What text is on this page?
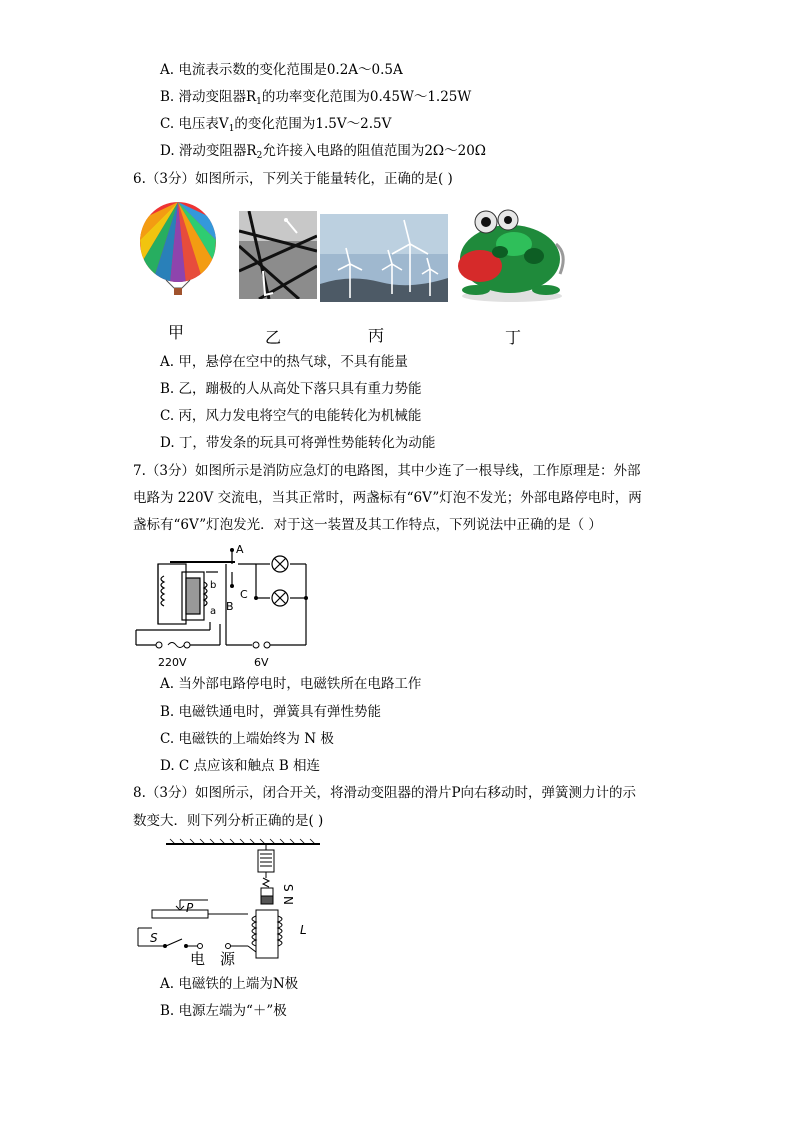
A. 电流表示数的变化范围是0.2A～0.5A
B. 滑动变阻器$R_1$的功率变化范围为0.45W～1.25W
C. 电压表$V_1$的变化范围为1.5V～2.5V
D. 滑动变阻器$R_2$允许接入电路的阻值范围为2Ω～20Ω
6.（3分）如图所示，下列关于能量转化，正确的是( )
甲	乙	丙	丁
A. 甲，悬停在空中的热气球，不具有能量
B. 乙，蹦极的人从高处下落只具有重力势能
C. 丙，风力发电将空气的电能转化为机械能
D. 丁，带发条的玩具可将弹性势能转化为动能
7.（3分）如图所示是消防应急灯的电路图，其中少连了一根导线，工作原理是：外部
电路为 220V 交流电，当其正常时，两盏标有“6V”灯泡不发光；外部电路停电时，两
盏标有“6V”灯泡发光．对于这一装置及其工作特点，下列说法中正确的是（ ）
A
B
C
a
b
220V	6V
A. 当外部电路停电时，电磁铁所在电路工作
B. 电磁铁通电时，弹簧具有弹性势能
C. 电磁铁的上端始终为 N 极
D. C 点应该和触点 B 相连
8.（3分）如图所示，闭合开关，将滑动变阻器的滑片P向右移动时，弹簧测力计的示
数变大．则下列分析正确的是( )
S
N
P
S
L
电　源
A. 电磁铁的上端为N极
B. 电源左端为“＋”极
